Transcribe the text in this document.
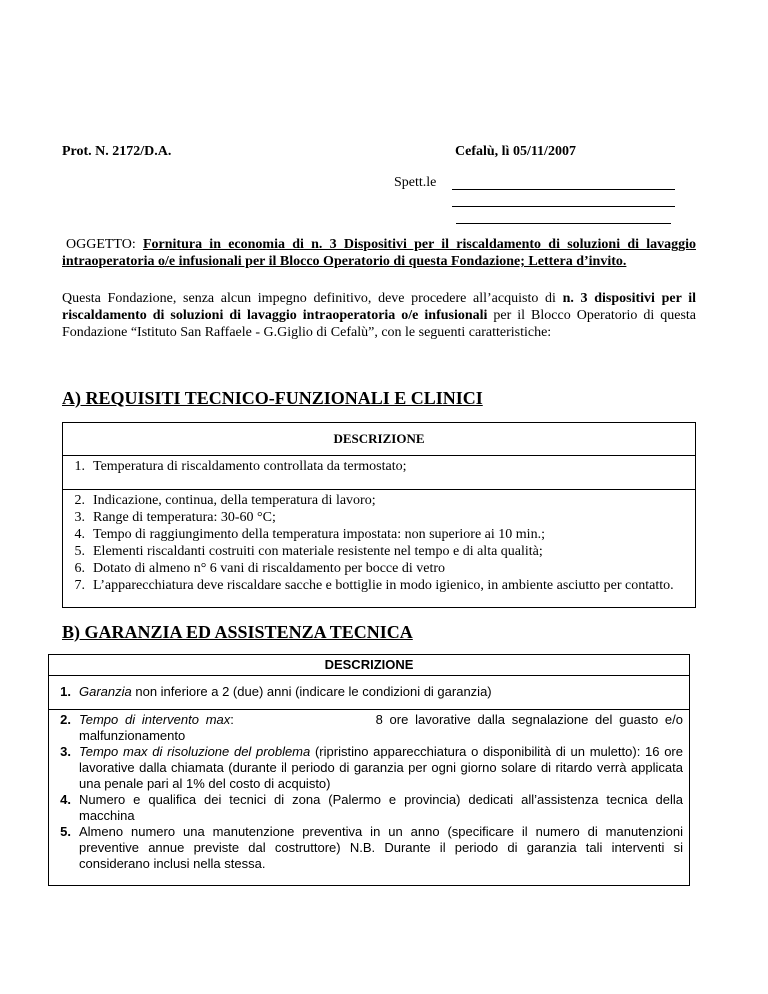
Prot. N. 2172/D.A.	Cefalù, lì 05/11/2007
Spett.le
OGGETTO: Fornitura in economia di n. 3 Dispositivi per il riscaldamento di soluzioni di lavaggio intraoperatoria o/e infusionali per il Blocco Operatorio di questa Fondazione; Lettera d’invito.
Questa Fondazione, senza alcun impegno definitivo, deve procedere all’acquisto di n. 3 dispositivi per il riscaldamento di soluzioni di lavaggio intraoperatoria o/e infusionali per il Blocco Operatorio di questa Fondazione “Istituto San Raffaele - G.Giglio di Cefalù”, con le seguenti caratteristiche:
A) REQUISITI TECNICO-FUNZIONALI E CLINICI
DESCRIZIONE
1. Temperatura di riscaldamento controllata da termostato;
2. Indicazione, continua, della temperatura di lavoro;
3. Range di temperatura: 30-60 °C;
4. Tempo di raggiungimento della temperatura impostata: non superiore ai 10 min.;
5. Elementi riscaldanti costruiti con materiale resistente nel tempo e di alta qualità;
6. Dotato di almeno n° 6 vani di riscaldamento per bocce di vetro
7. L’apparecchiatura deve riscaldare sacche e bottiglie in modo igienico, in ambiente asciutto per contatto.
B) GARANZIA ED ASSISTENZA TECNICA
DESCRIZIONE
1. Garanzia non inferiore a 2 (due) anni (indicare le condizioni di garanzia)
2. Tempo di intervento max:                     8 ore lavorative dalla segnalazione del guasto e/o malfunzionamento
3. Tempo max di risoluzione del problema (ripristino apparecchiatura o disponibilità di un muletto): 16 ore lavorative dalla chiamata (durante il periodo di garanzia per ogni giorno solare di ritardo verrà applicata una penale pari al 1% del costo di acquisto)
4. Numero e qualifica dei tecnici di zona (Palermo e provincia) dedicati all’assistenza tecnica della macchina
5. Almeno numero una manutenzione preventiva in un anno (specificare il numero di manutenzioni preventive annue previste dal costruttore) N.B. Durante il periodo di garanzia tali interventi si considerano inclusi nella stessa.
